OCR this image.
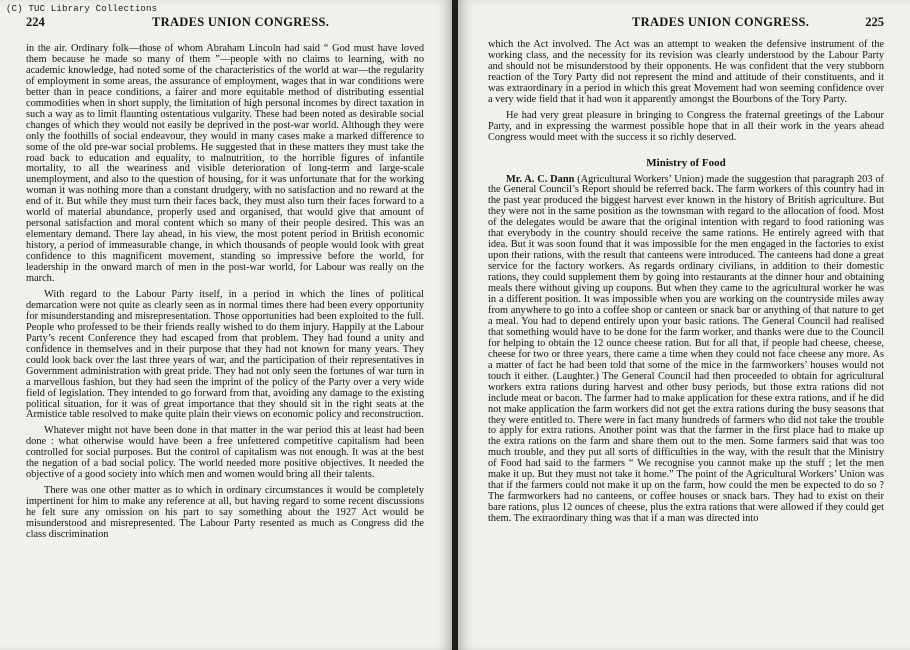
(C) TUC Library Collections
224	TRADES UNION CONGRESS.

in the air. Ordinary folk—those of whom Abraham Lincoln had said “ God must have loved them because he made so many of them ”—people with no claims to learning, with no academic knowledge, had noted some of the characteristics of the world at war—the regularity of employment in some areas, the assurance of employment, wages that in war conditions were better than in peace conditions, a fairer and more equitable method of distributing essential commodities when in short supply, the limitation of high personal incomes by direct taxation in such a way as to limit flaunting ostentatious vulgarity. These had been noted as desirable social changes of which they would not easily be deprived in the post-war world. Although they were only the foothills of social endeavour, they would in many cases make a marked difference to some of the old pre-war social problems. He suggested that in these matters they must take the road back to education and equality, to malnutrition, to the horrible figures of infantile mortality, to all the weariness and visible deterioration of long-term and large-scale unemployment, and also to the question of housing, for it was unfortunate that for the working woman it was nothing more than a constant drudgery, with no satisfaction and no reward at the end of it. But while they must turn their faces back, they must also turn their faces forward to a world of material abundance, properly used and organised, that would give that amount of personal satisfaction and moral content which so many of their people desired. This was an elementary demand. There lay ahead, in his view, the most potent period in British economic history, a period of immeasurable change, in which thousands of people would look with great confidence to this magnificent movement, standing so impressive before the world, for leadership in the onward march of men in the post-war world, for Labour was really on the march.

With regard to the Labour Party itself, in a period in which the lines of political demarcation were not quite as clearly seen as in normal times there had been every opportunity for misunderstanding and misrepresentation. Those opportunities had been exploited to the full. People who professed to be their friends really wished to do them injury. Happily at the Labour Party’s recent Conference they had escaped from that problem. They had found a unity and confidence in themselves and in their purpose that they had not known for many years. They could look back over the last three years of war, and the participation of their representatives in Government administration with great pride. They had not only seen the fortunes of war turn in a marvellous fashion, but they had seen the imprint of the policy of the Party over a very wide field of legislation. They intended to go forward from that, avoiding any damage to the existing political situation, for it was of great importance that they should sit in the right seats at the Armistice table resolved to make quite plain their views on economic policy and reconstruction.

Whatever might not have been done in that matter in the war period this at least had been done : what otherwise would have been a free unfettered competitive capitalism had been controlled for social purposes. But the control of capitalism was not enough. It was at the best the negation of a bad social policy. The world needed more positive objectives. It needed the objective of a good society into which men and women would bring all their talents.

There was one other matter as to which in ordinary circumstances it would be completely impertinent for him to make any reference at all, but having regard to some recent discussions he felt sure any omission on his part to say something about the 1927 Act would be misunderstood and misrepresented. The Labour Party resented as much as Congress did the class discrimination

TRADES UNION CONGRESS.	225

which the Act involved. The Act was an attempt to weaken the defensive instrument of the working class, and the necessity for its revision was clearly understood by the Labour Party and should not be misunderstood by their opponents. He was confident that the very stubborn reaction of the Tory Party did not represent the mind and attitude of their constituents, and it was extraordinary in a period in which this great Movement had won seeming confidence over a very wide field that it had won it apparently amongst the Bourbons of the Tory Party.

He had very great pleasure in bringing to Congress the fraternal greetings of the Labour Party, and in expressing the warmest possible hope that in all their work in the years ahead Congress would meet with the success it so richly deserved.

Ministry of Food

Mr. A. C. Dann (Agricultural Workers’ Union) made the suggestion that paragraph 203 of the General Council’s Report should be referred back. The farm workers of this country had in the past year produced the biggest harvest ever known in the history of British agriculture. But they were not in the same position as the townsman with regard to the allocation of food. Most of the delegates would be aware that the original intention with regard to food rationing was that everybody in the country should receive the same rations. He entirely agreed with that idea. But it was soon found that it was impossible for the men engaged in the factories to exist upon their rations, with the result that canteens were introduced. The canteens had done a great service for the factory workers. As regards ordinary civilians, in addition to their domestic rations, they could supplement them by going into restaurants at the dinner hour and obtaining meals there without giving up coupons. But when they came to the agricultural worker he was in a different position. It was impossible when you are working on the countryside miles away from anywhere to go into a coffee shop or canteen or snack bar or anything of that nature to get a meal. You had to depend entirely upon your basic rations. The General Council had realised that something would have to be done for the farm worker, and thanks were due to the Council for helping to obtain the 12 ounce cheese ration. But for all that, if people had cheese, cheese, cheese for two or three years, there came a time when they could not face cheese any more. As a matter of fact he had been told that some of the mice in the farmworkers’ houses would not touch it either. (Laughter.) The General Council had then proceeded to obtain for agricultural workers extra rations during harvest and other busy periods, but those extra rations did not include meat or bacon. The farmer had to make application for these extra rations, and if he did not make application the farm workers did not get the extra rations during the busy seasons that they were entitled to. There were in fact many hundreds of farmers who did not take the trouble to apply for extra rations. Another point was that the farmer in the first place had to make up the extra rations on the farm and share them out to the men. Some farmers said that was too much trouble, and they put all sorts of difficulties in the way, with the result that the Ministry of Food had said to the farmers “ We recognise you cannot make up the stuff ; let the men make it up. But they must not take it home.” The point of the Agricultural Workers’ Union was that if the farmers could not make it up on the farm, how could the men be expected to do so ? The farmworkers had no canteens, or coffee houses or snack bars. They had to exist on their bare rations, plus 12 ounces of cheese, plus the extra rations that were allowed if they could get them. The extraordinary thing was that if a man was directed into
